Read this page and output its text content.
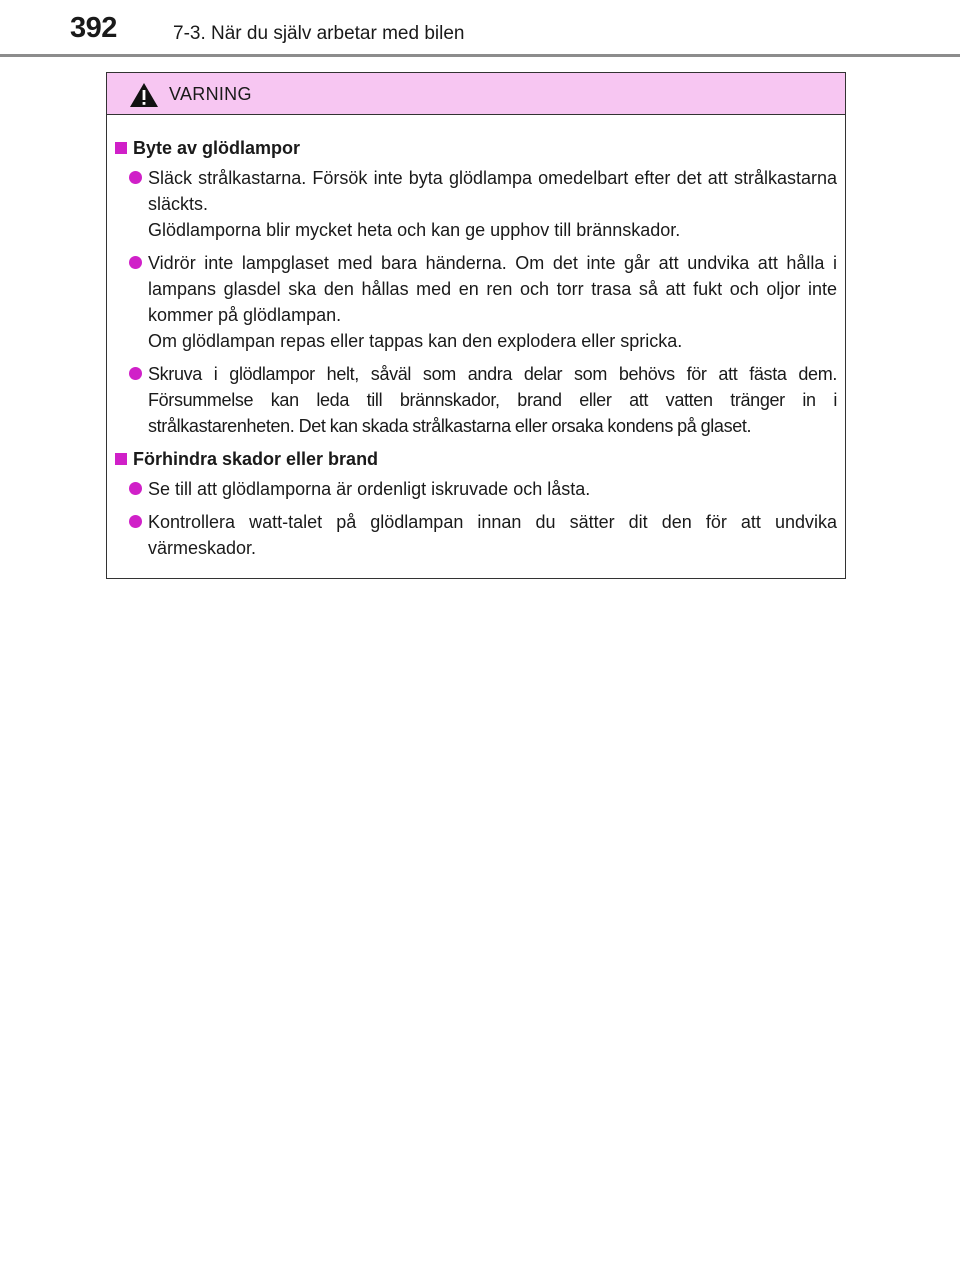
392	7-3. När du själv arbetar med bilen
VARNING
Byte av glödlampor

Släck strålkastarna. Försök inte byta glödlampa omedelbart efter det att strålkastarna släckts.

Glödlamporna blir mycket heta och kan ge upphov till brännskador.

Vidrör inte lampglaset med bara händerna. Om det inte går att undvika att hålla i lampans glasdel ska den hållas med en ren och torr trasa så att fukt och oljor inte kommer på glödlampan.

Om glödlampan repas eller tappas kan den explodera eller spricka.

Skruva i glödlampor helt, såväl som andra delar som behövs för att fästa dem. Försummelse kan leda till brännskador, brand eller att vatten tränger in i strålkastarenheten. Det kan skada strålkastarna eller orsaka kondens på glaset.

Förhindra skador eller brand

Se till att glödlamporna är ordenligt iskruvade och låsta.

Kontrollera watt-talet på glödlampan innan du sätter dit den för att undvika värmeskador.
